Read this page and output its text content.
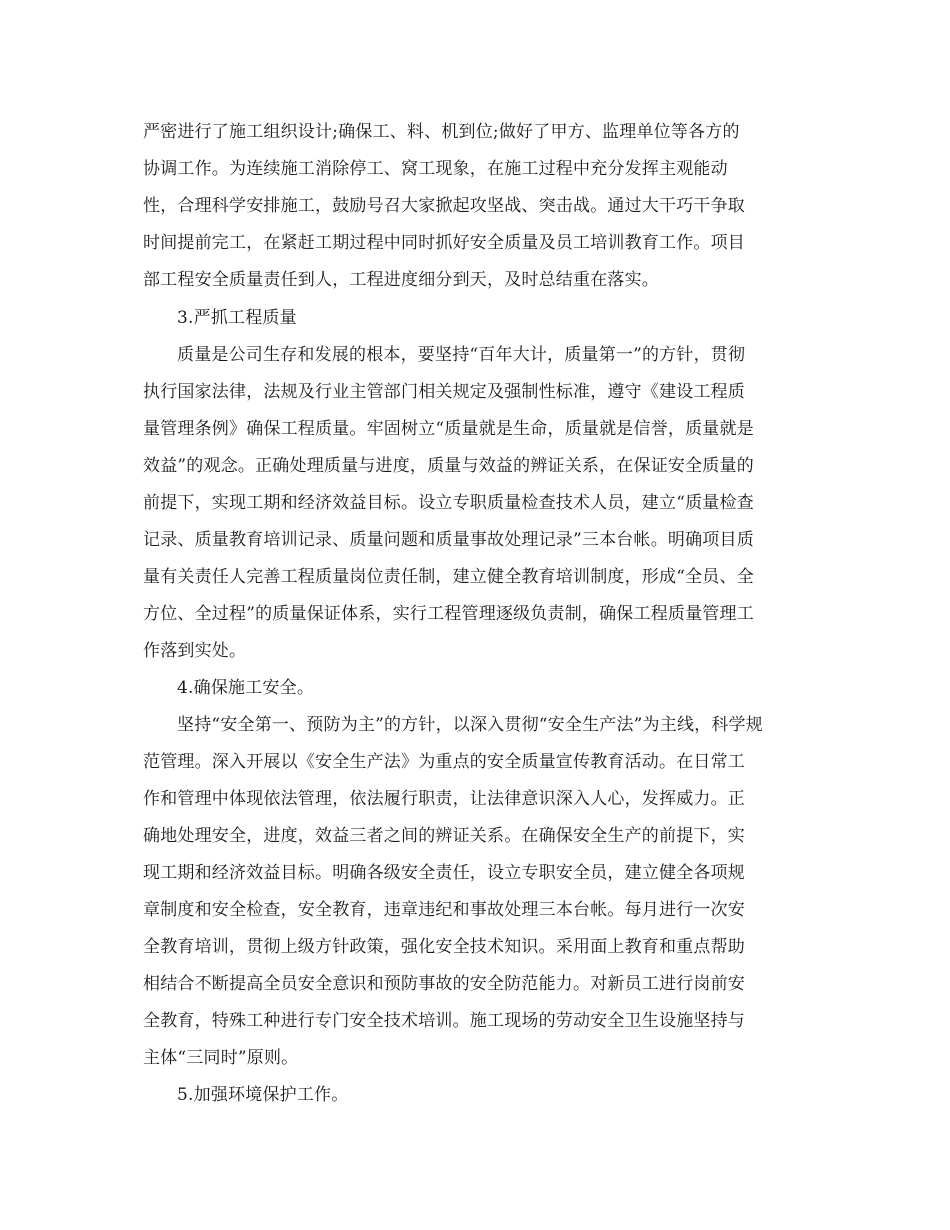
严密进行了施工组织设计;确保工、料、机到位;做好了甲方、监理单位等各方的
协调工作。为连续施工消除停工、窝工现象，在施工过程中充分发挥主观能动
性，合理科学安排施工，鼓励号召大家掀起攻坚战、突击战。通过大干巧干争取
时间提前完工，在紧赶工期过程中同时抓好安全质量及员工培训教育工作。项目
部工程安全质量责任到人，工程进度细分到天，及时总结重在落实。
3.严抓工程质量
质量是公司生存和发展的根本，要坚持“百年大计，质量第一”的方针，贯彻
执行国家法律，法规及行业主管部门相关规定及强制性标准，遵守《建设工程质
量管理条例》确保工程质量。牢固树立“质量就是生命，质量就是信誉，质量就是
效益”的观念。正确处理质量与进度，质量与效益的辨证关系，在保证安全质量的
前提下，实现工期和经济效益目标。设立专职质量检查技术人员，建立“质量检查
记录、质量教育培训记录、质量问题和质量事故处理记录”三本台帐。明确项目质
量有关责任人完善工程质量岗位责任制，建立健全教育培训制度，形成“全员、全
方位、全过程”的质量保证体系，实行工程管理逐级负责制，确保工程质量管理工
作落到实处。
4.确保施工安全。
坚持“安全第一、预防为主”的方针，以深入贯彻“安全生产法”为主线，科学规
范管理。深入开展以《安全生产法》为重点的安全质量宣传教育活动。在日常工
作和管理中体现依法管理，依法履行职责，让法律意识深入人心，发挥威力。正
确地处理安全，进度，效益三者之间的辨证关系。在确保安全生产的前提下，实
现工期和经济效益目标。明确各级安全责任，设立专职安全员，建立健全各项规
章制度和安全检查，安全教育，违章违纪和事故处理三本台帐。每月进行一次安
全教育培训，贯彻上级方针政策，强化安全技术知识。采用面上教育和重点帮助
相结合不断提高全员安全意识和预防事故的安全防范能力。对新员工进行岗前安
全教育，特殊工种进行专门安全技术培训。施工现场的劳动安全卫生设施坚持与
主体“三同时”原则。
5.加强环境保护工作。
